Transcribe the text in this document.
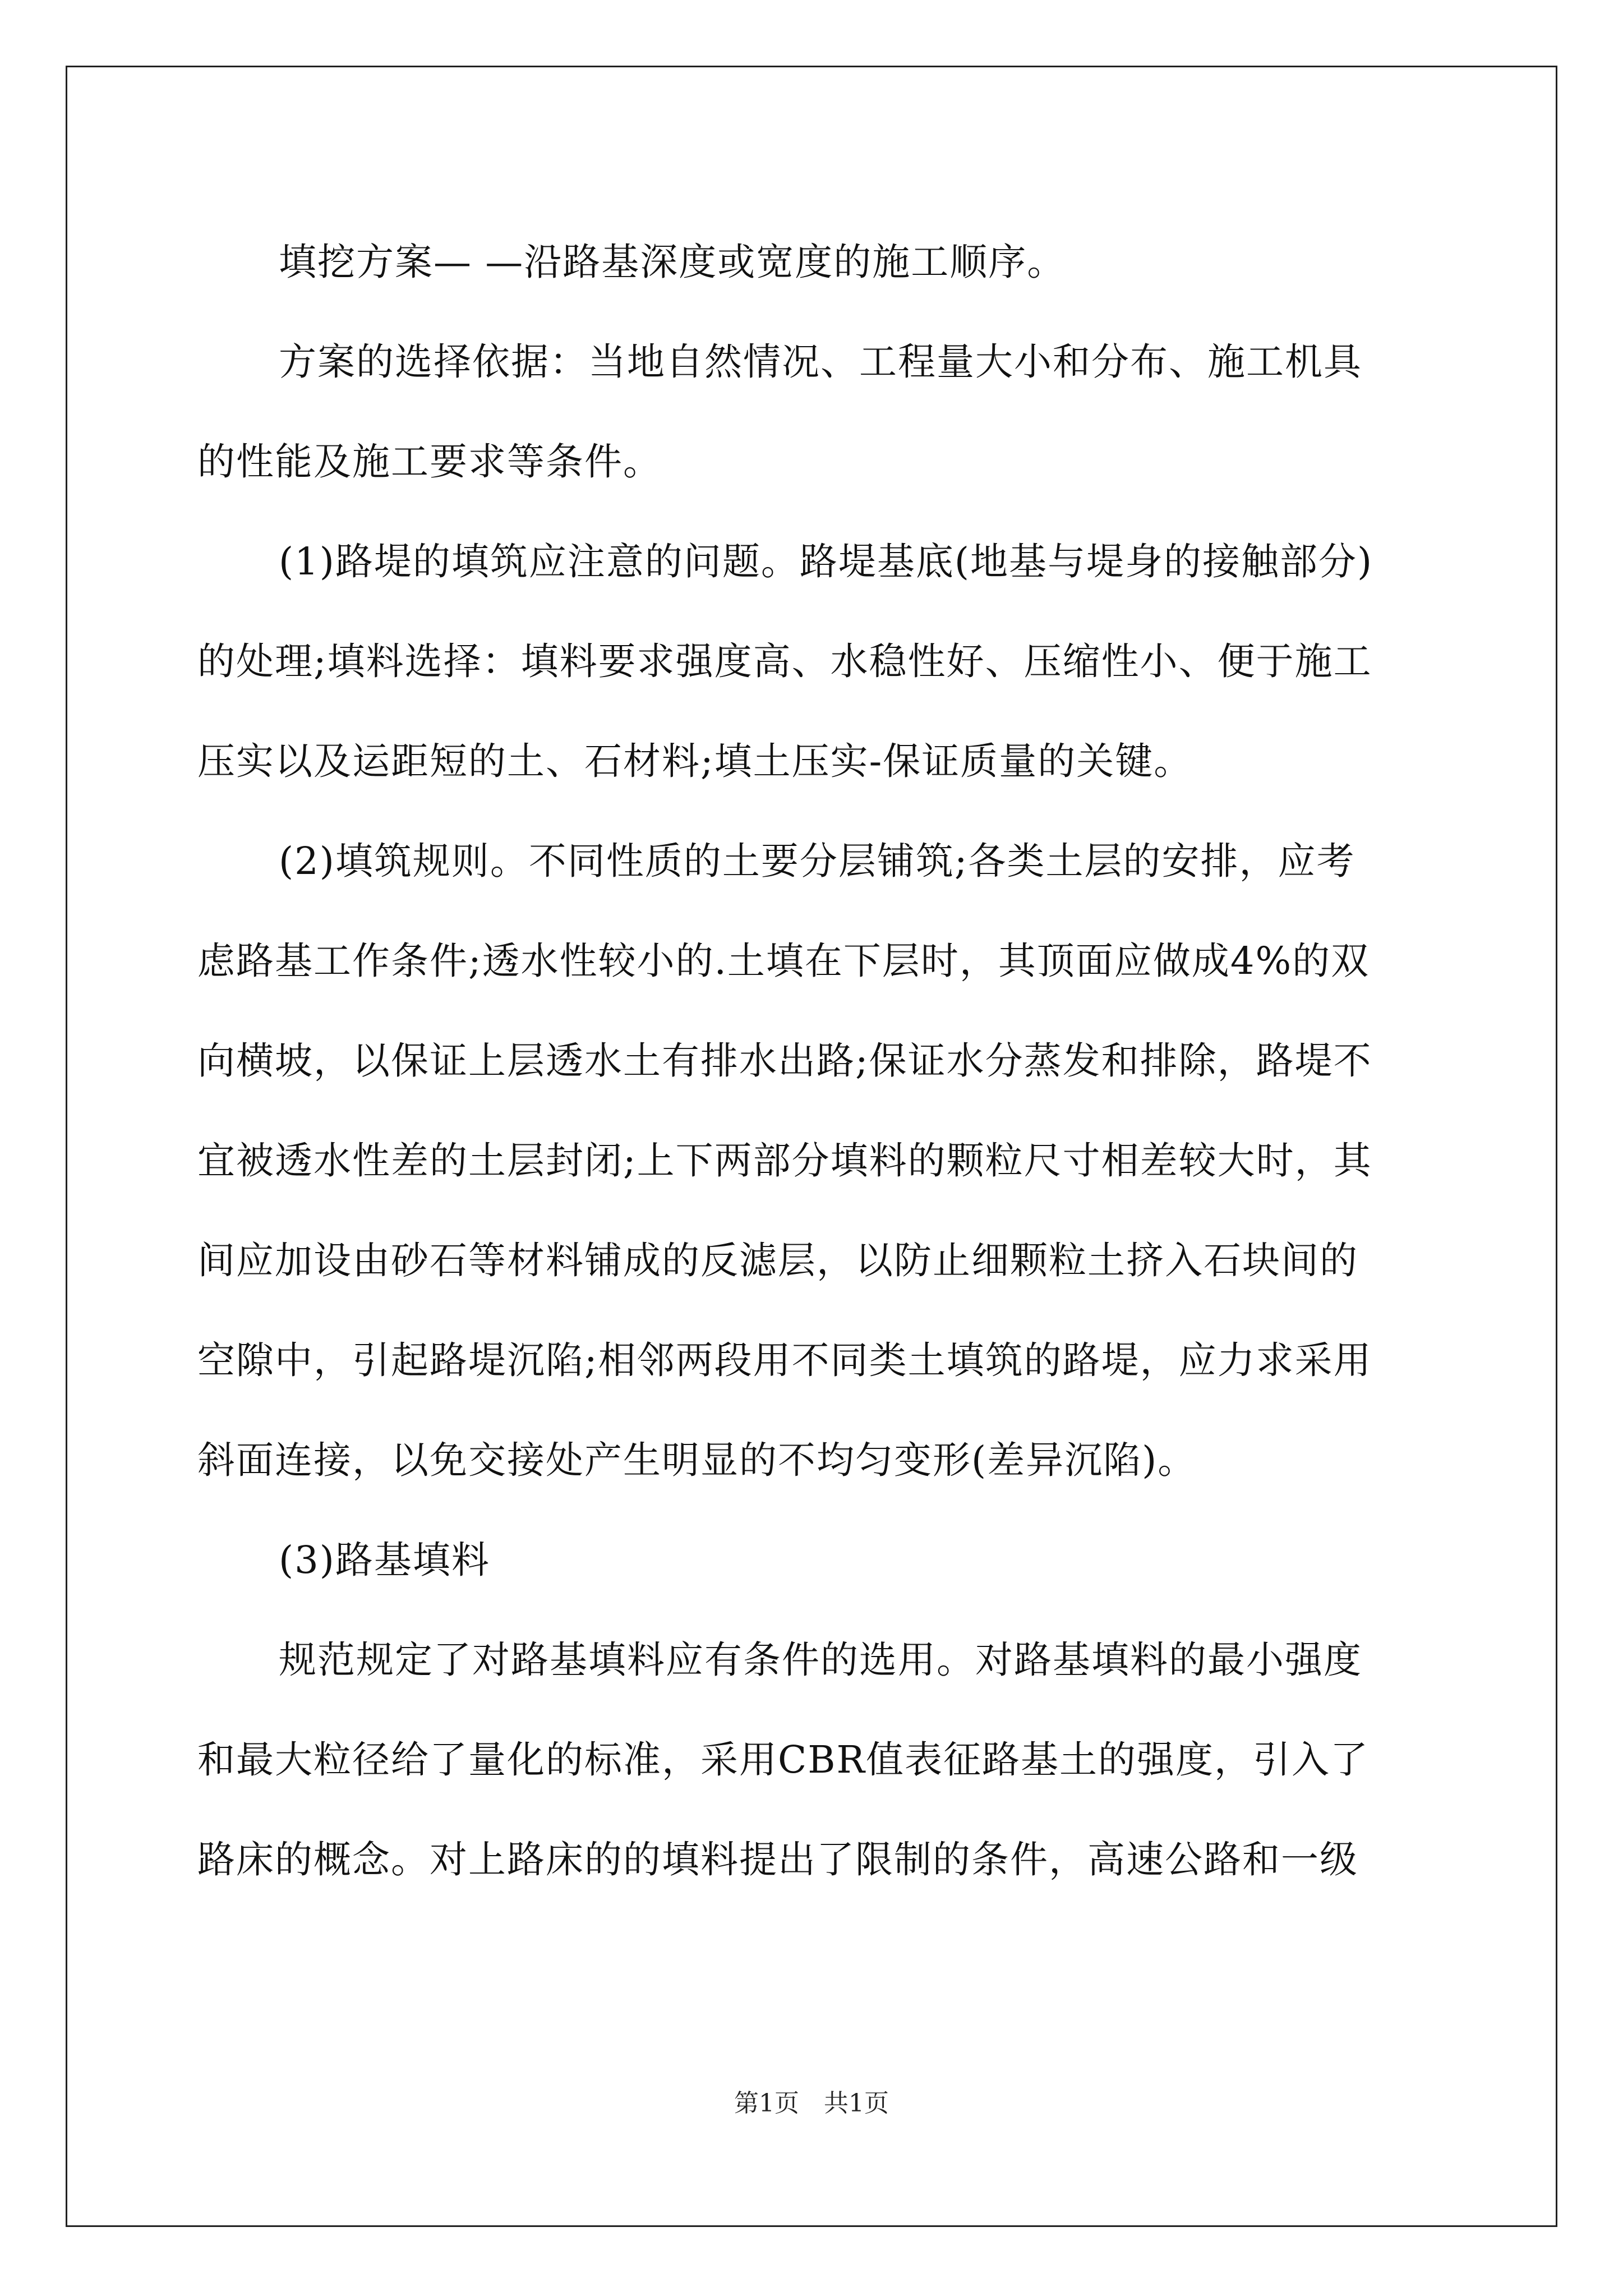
填挖方案— —沿路基深度或宽度的施工顺序。
方案的选择依据：当地自然情况、工程量大小和分布、施工机具
的性能及施工要求等条件。
(1)路堤的填筑应注意的问题。路堤基底(地基与堤身的接触部分)
的处理;填料选择：填料要求强度高、水稳性好、压缩性小、便于施工
压实以及运距短的土、石材料;填土压实-保证质量的关键。
(2)填筑规则。不同性质的土要分层铺筑;各类土层的安排，应考
虑路基工作条件;透水性较小的.土填在下层时，其顶面应做成4%的双
向横坡，以保证上层透水土有排水出路;保证水分蒸发和排除，路堤不
宜被透水性差的土层封闭;上下两部分填料的颗粒尺寸相差较大时，其
间应加设由砂石等材料铺成的反滤层，以防止细颗粒土挤入石块间的
空隙中，引起路堤沉陷;相邻两段用不同类土填筑的路堤，应力求采用
斜面连接，以免交接处产生明显的不均匀变形(差异沉陷)。
(3)路基填料
规范规定了对路基填料应有条件的选用。对路基填料的最小强度
和最大粒径给了量化的标准，采用CBR值表征路基土的强度，引入了
路床的概念。对上路床的的填料提出了限制的条件，高速公路和一级
第1页　共1页
